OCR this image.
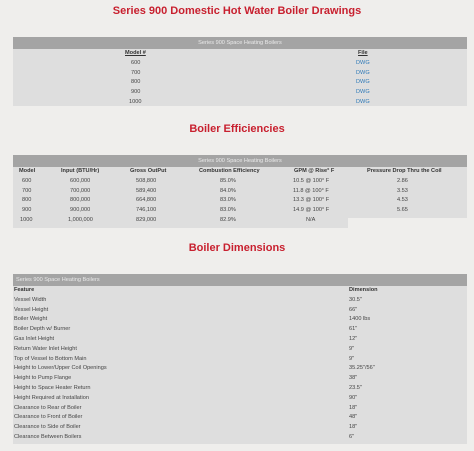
Series 900 Domestic Hot Water Boiler Drawings
Series 900 Space Heating Boilers
Model #	File
600	DWG
700	DWG
800	DWG
900	DWG
1000	DWG
Boiler Efficiencies
Series 900 Space Heating Boilers
Model	Input (BTU/Hr)	Gross OutPut	Combustion Efficiency	GPM @ Rise° F	Pressure Drop Thru the Coil
600	600,000	508,800	85.0%	10.5 @ 100° F	2.86
700	700,000	589,400	84.0%	11.8 @ 100° F	3.53
800	800,000	664,800	83.0%	13.3 @ 100° F	4.53
900	900,000	746,100	83.0%	14.9 @ 100° F	5.65
1000	1,000,000	829,000	82.9%	N/A
Boiler Dimensions
Series 900 Space Heating Boilers
Feature	Dimension
Vessel Width	30.5"
Vessel Height	66"
Boiler Weight	1400 lbs
Boiler Depth w/ Burner	61"
Gas Inlet Height	12"
Return Water Inlet Height	9"
Top of Vessel to Bottom Main	9"
Height to Lower/Upper Coil Openings	35.25"/56"
Height to Pump Flange	38"
Height to Space Heater Return	23.5"
Height Required at Installation	90"
Clearance to Rear of Boiler	18"
Clearance to Front of Boiler	48"
Clearance to Side of Boiler	18"
Clearance Between Boilers	6"
